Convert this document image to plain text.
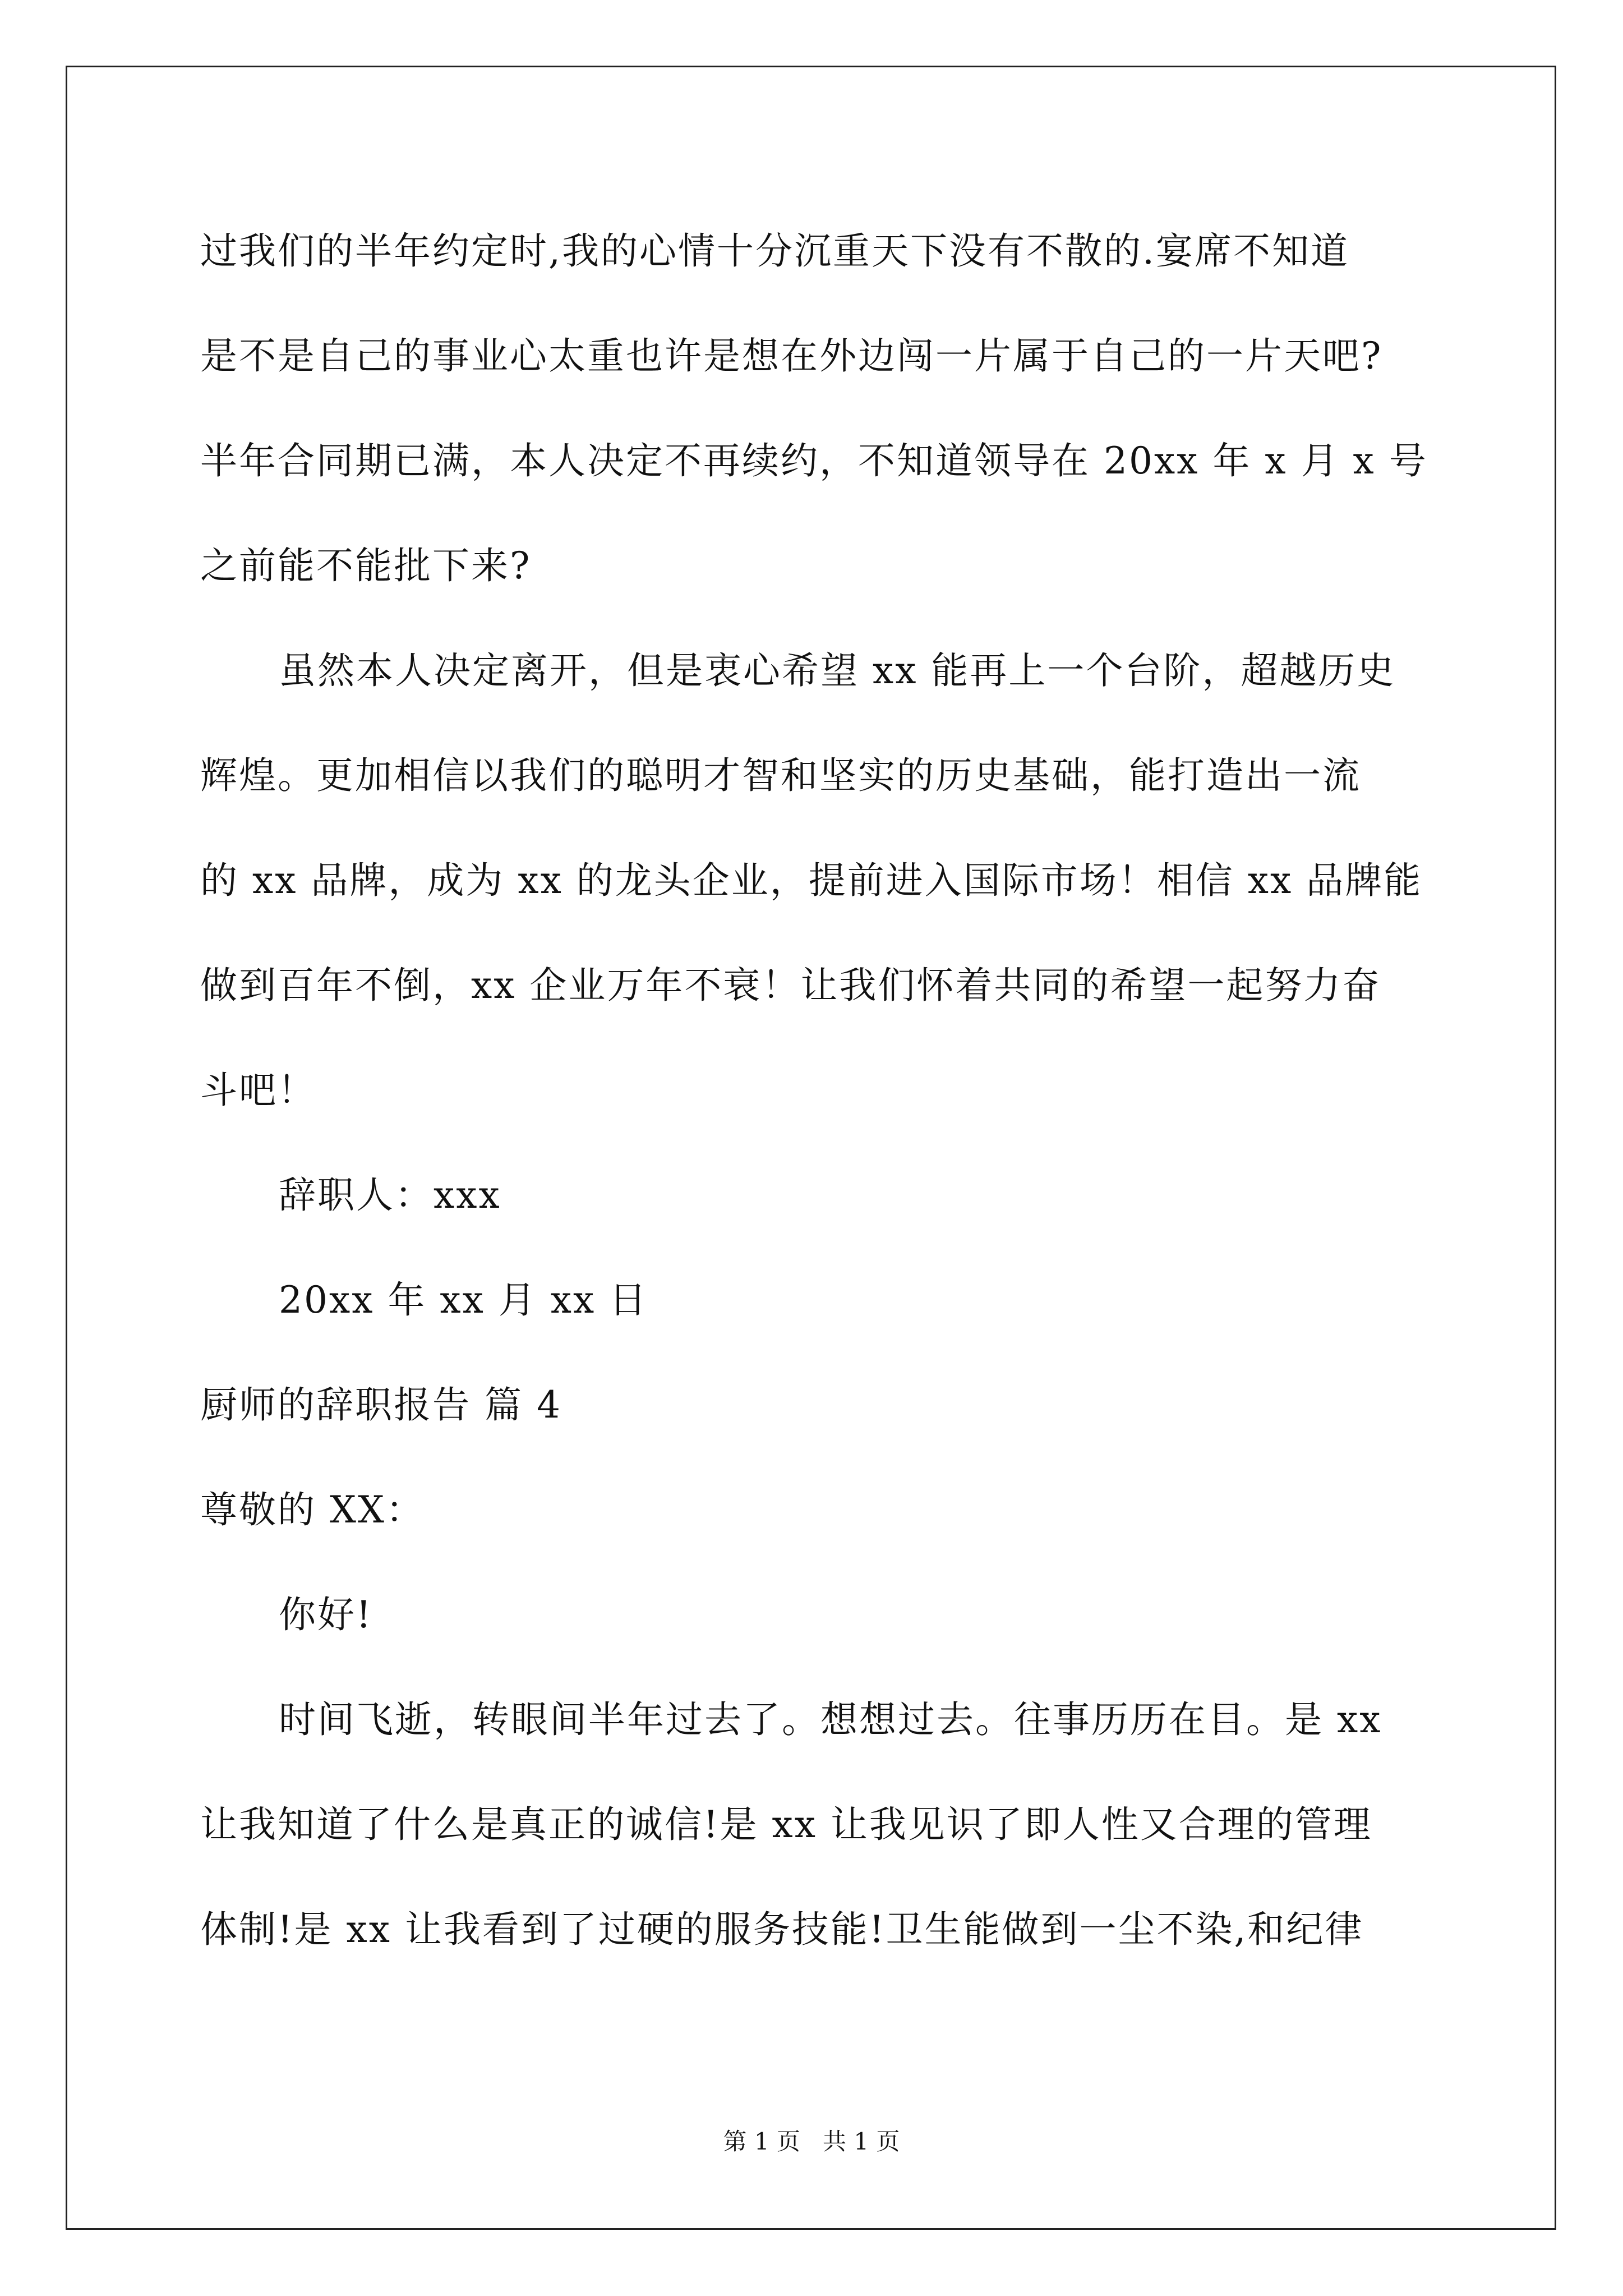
过我们的半年约定时,我的心情十分沉重天下没有不散的.宴席不知道

是不是自己的事业心太重也许是想在外边闯一片属于自己的一片天吧?

半年合同期已满，本人决定不再续约，不知道领导在 20xx 年 x 月 x 号

之前能不能批下来?

虽然本人决定离开，但是衷心希望 xx 能再上一个台阶，超越历史

辉煌。更加相信以我们的聪明才智和坚实的历史基础，能打造出一流

的 xx 品牌，成为 xx 的龙头企业，提前进入国际市场！相信 xx 品牌能

做到百年不倒，xx 企业万年不衰！让我们怀着共同的希望一起努力奋

斗吧！

辞职人：xxx

20xx 年 xx 月 xx 日

厨师的辞职报告 篇 4

尊敬的 XX：

你好!

时间飞逝，转眼间半年过去了。想想过去。往事历历在目。是 xx

让我知道了什么是真正的诚信!是 xx 让我见识了即人性又合理的管理

体制!是 xx 让我看到了过硬的服务技能!卫生能做到一尘不染,和纪律

第 1 页   共 1 页
